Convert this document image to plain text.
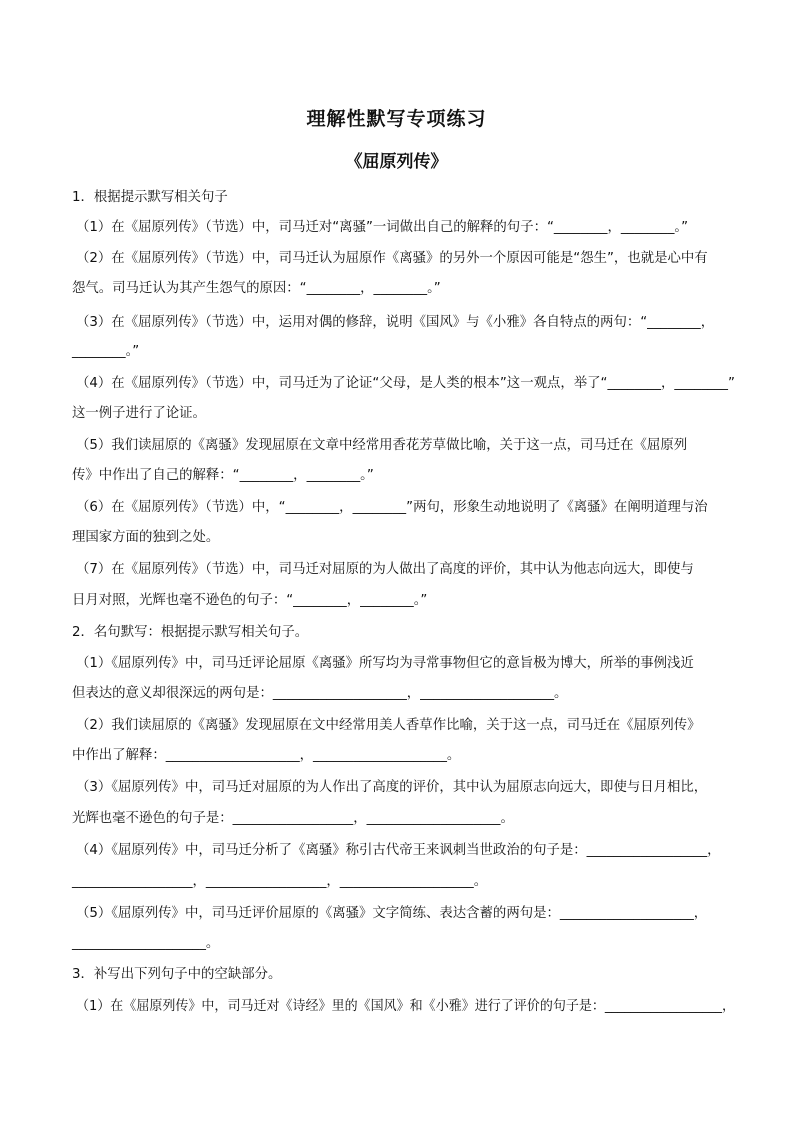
理解性默写专项练习
《屈原列传》
1．根据提示默写相关句子
（1）在《屈原列传》（节选）中，司马迁对“离骚”一词做出自己的解释的句子：“________，________。”
（2）在《屈原列传》（节选）中，司马迁认为屈原作《离骚》的另外一个原因可能是“怨生”，也就是心中有
怨气。司马迁认为其产生怨气的原因：“________，________。”
（3）在《屈原列传》（节选）中，运用对偶的修辞，说明《国风》与《小雅》各自特点的两句：“________，
________。”
（4）在《屈原列传》（节选）中，司马迁为了论证“父母，是人类的根本”这一观点，举了“________，________”
这一例子进行了论证。
（5）我们读屈原的《离骚》发现屈原在文章中经常用香花芳草做比喻，关于这一点，司马迁在《屈原列
传》中作出了自己的解释：“________，________。”
（6）在《屈原列传》（节选）中，“________，________”两句，形象生动地说明了《离骚》在阐明道理与治
理国家方面的独到之处。
（7）在《屈原列传》（节选）中，司马迁对屈原的为人做出了高度的评价，其中认为他志向远大，即使与
日月对照，光辉也毫不逊色的句子：“________，________。”
2．名句默写：根据提示默写相关句子。
（1）《屈原列传》中，司马迁评论屈原《离骚》所写均为寻常事物但它的意旨极为博大，所举的事例浅近
但表达的意义却很深远的两句是：____________________，____________________。
（2）我们读屈原的《离骚》发现屈原在文中经常用美人香草作比喻，关于这一点，司马迁在《屈原列传》
中作出了解释：____________________，____________________。
（3）《屈原列传》中，司马迁对屈原的为人作出了高度的评价，其中认为屈原志向远大，即使与日月相比，
光辉也毫不逊色的句子是：__________________，____________________。
（4）《屈原列传》中，司马迁分析了《离骚》称引古代帝王来讽刺当世政治的句子是：__________________，
__________________，__________________，____________________。
（5）《屈原列传》中，司马迁评价屈原的《离骚》文字简练、表达含蓄的两句是：____________________，
____________________。
3．补写出下列句子中的空缺部分。
（1）在《屈原列传》中，司马迁对《诗经》里的《国风》和《小雅》进行了评价的句子是：__________________，
